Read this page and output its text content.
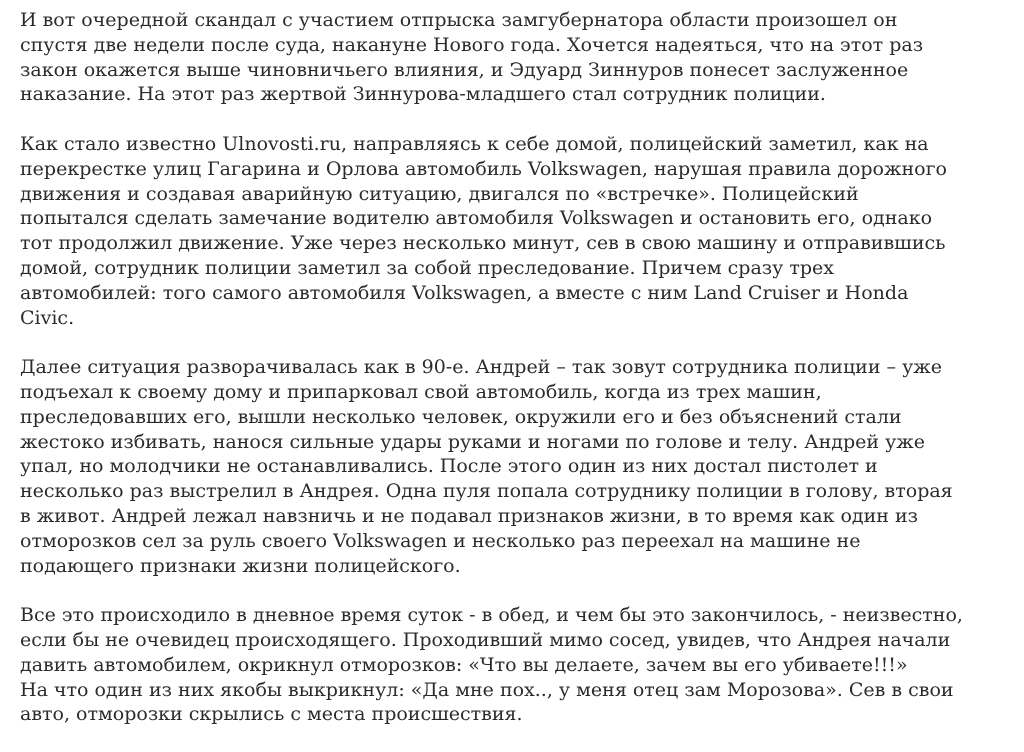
И вот очередной скандал с участием отпрыска замгубернатора области произошел он
спустя две недели после суда, накануне Нового года. Хочется надеяться, что на этот раз
закон окажется выше чиновничьего влияния, и Эдуард Зиннуров понесет заслуженное
наказание. На этот раз жертвой Зиннурова-младшего стал сотрудник полиции.
Как стало известно Ulnovosti.ru, направляясь к себе домой, полицейский заметил, как на
перекрестке улиц Гагарина и Орлова автомобиль Volkswagen, нарушая правила дорожного
движения и создавая аварийную ситуацию, двигался по «встречке». Полицейский
попытался сделать замечание водителю автомобиля Volkswagen и остановить его, однако
тот продолжил движение. Уже через несколько минут, сев в свою машину и отправившись
домой, сотрудник полиции заметил за собой преследование. Причем сразу трех
автомобилей: того самого автомобиля Volkswagen, а вместе с ним Land Cruiser и Honda
Civic.
Далее ситуация разворачивалась как в 90-е. Андрей – так зовут сотрудника полиции – уже
подъехал к своему дому и припарковал свой автомобиль, когда из трех машин,
преследовавших его, вышли несколько человек, окружили его и без объяснений стали
жестоко избивать, нанося сильные удары руками и ногами по голове и телу. Андрей уже
упал, но молодчики не останавливались. После этого один из них достал пистолет и
несколько раз выстрелил в Андрея. Одна пуля попала сотруднику полиции в голову, вторая
в живот. Андрей лежал навзничь и не подавал признаков жизни, в то время как один из
отморозков сел за руль своего Volkswagen и несколько раз переехал на машине не
подающего признаки жизни полицейского.
Все это происходило в дневное время суток - в обед, и чем бы это закончилось, - неизвестно,
если бы не очевидец происходящего. Проходивший мимо сосед, увидев, что Андрея начали
давить автомобилем, окрикнул отморозков: «Что вы делаете, зачем вы его убиваете!!!»
На что один из них якобы выкрикнул: «Да мне пох.., у меня отец зам Морозова». Сев в свои
авто, отморозки скрылись с места происшествия.
